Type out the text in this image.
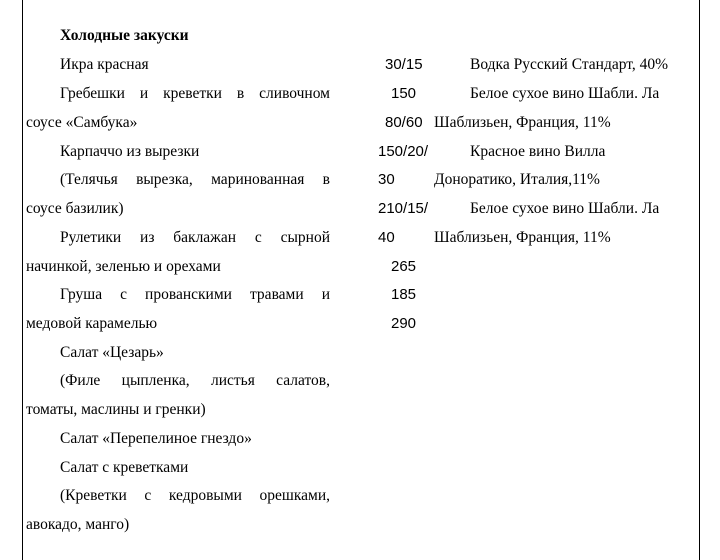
Холодные закуски
Икра красная
Гребешки и креветки в сливочном
соусе «Самбука»
Карпаччо из вырезки
(Телячья вырезка, маринованная в
соусе базилик)
Рулетики из баклажан с сырной
начинкой, зеленью и орехами
Груша с прованскими травами и
медовой карамелью
Салат «Цезарь»
(Филе цыпленка, листья салатов,
томаты, маслины и гренки)
Салат «Перепелиное гнездо»
Салат с креветками
(Креветки с кедровыми орешками,
авокадо, манго)
30/15
150
80/60
150/20/
30
210/15/
40
265
185
290
Водка Русский Стандарт, 40%
Белое сухое вино Шабли. Ла
Шаблизьен, Франция, 11%
Красное вино Вилла
Доноратико, Италия,11%
Белое сухое вино Шабли. Ла
Шаблизьен, Франция, 11%
